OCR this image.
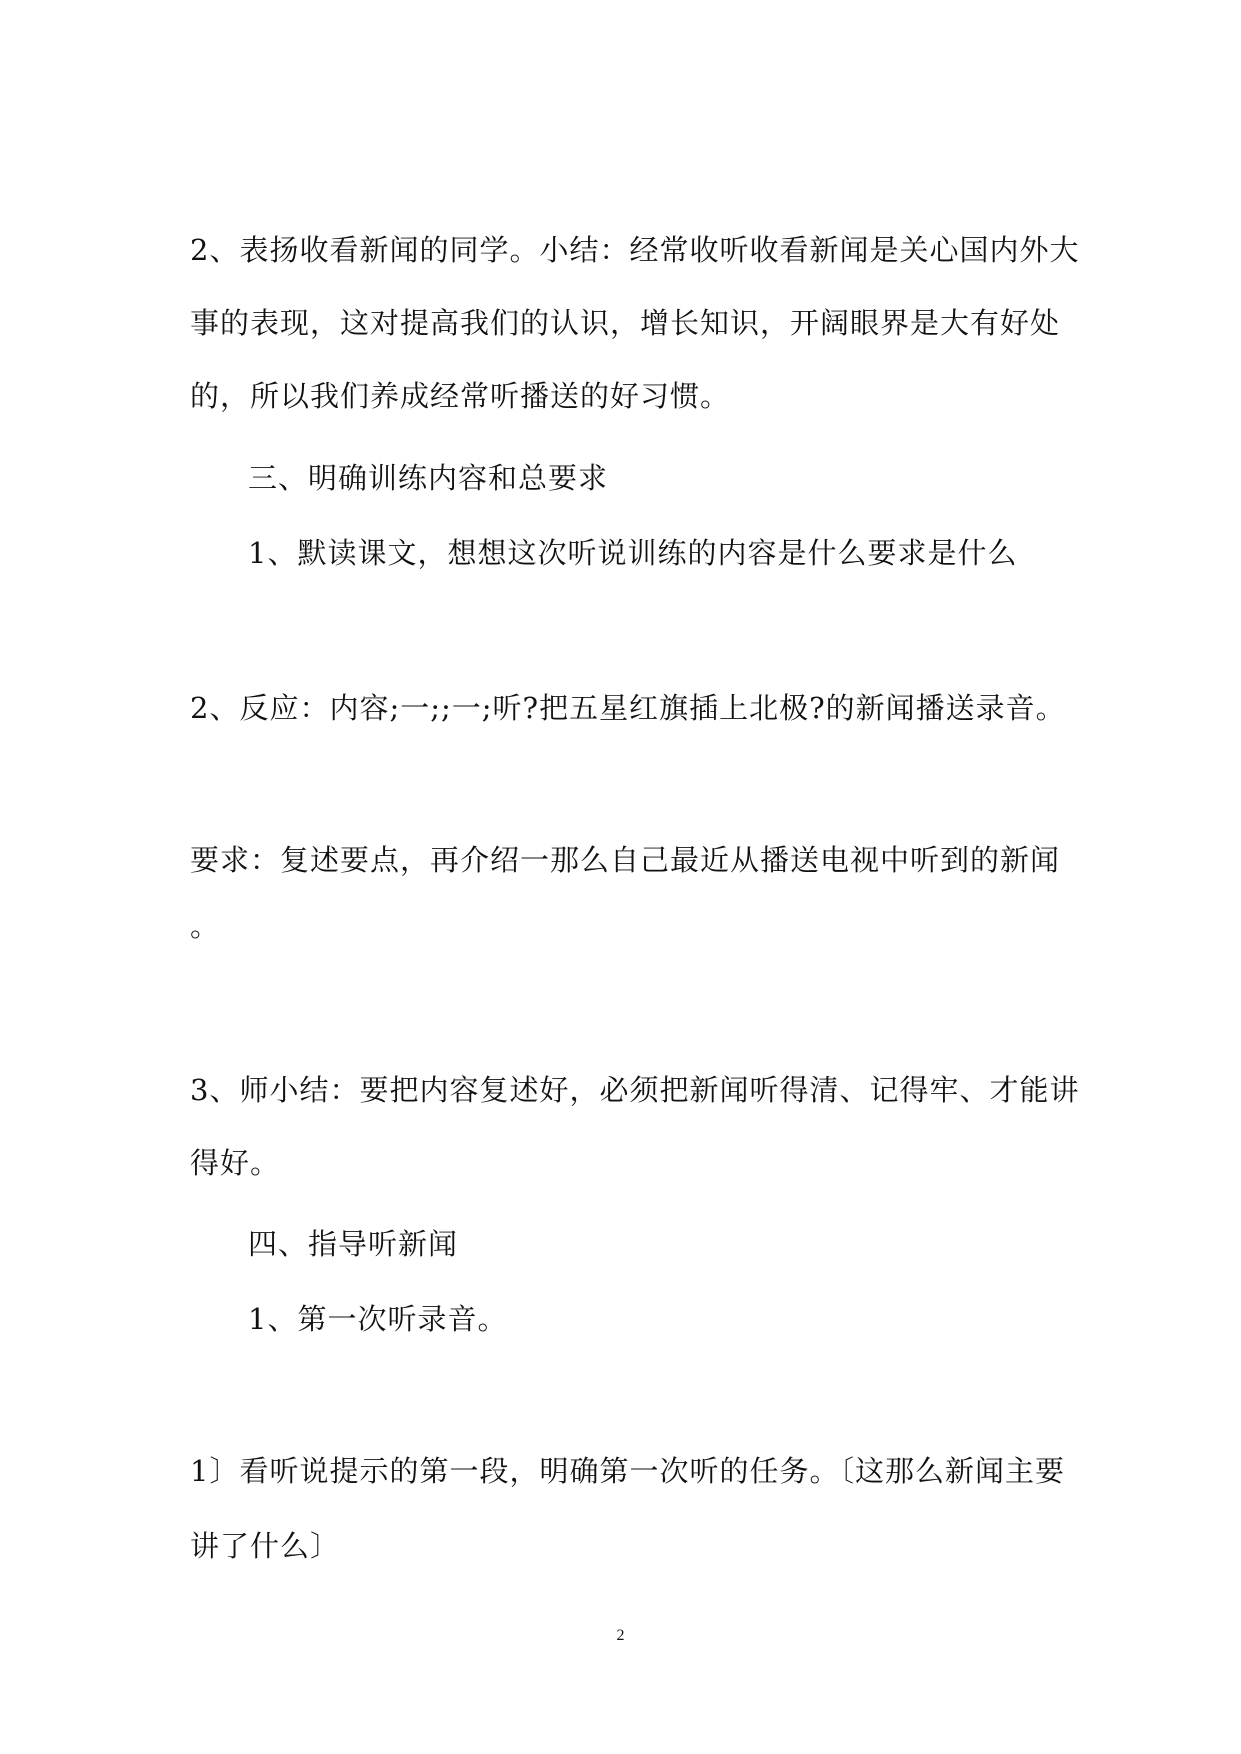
2、表扬收看新闻的同学。小结：经常收听收看新闻是关心国内外大
事的表现，这对提高我们的认识，增长知识，开阔眼界是大有好处
的，所以我们养成经常听播送的好习惯。
三、明确训练内容和总要求
1、默读课文，想想这次听说训练的内容是什么要求是什么
2、反应：内容;一;;一;听?把五星红旗插上北极?的新闻播送录音。
要求：复述要点，再介绍一那么自己最近从播送电视中听到的新闻
。
3、师小结：要把内容复述好，必须把新闻听得清、记得牢、才能讲
得好。
四、指导听新闻
1、第一次听录音。
1〕看听说提示的第一段，明确第一次听的任务。〔这那么新闻主要
讲了什么〕
2
